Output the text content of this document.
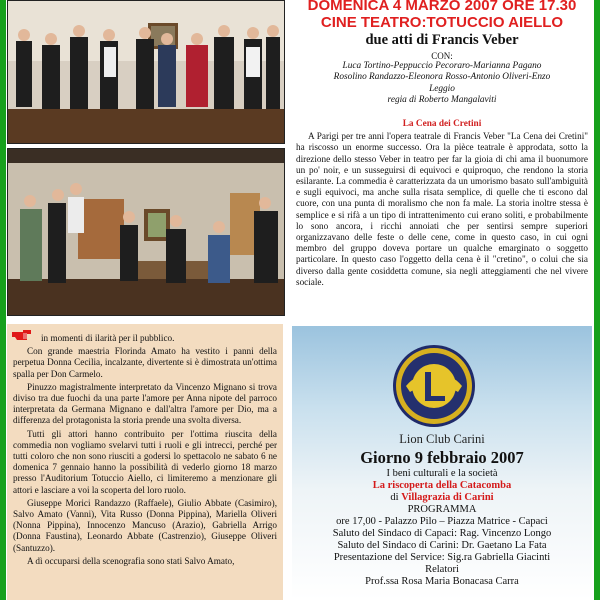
in momenti di ilarità per il pubblico.

Con grande maestria Florinda Amato ha vestito i panni della perpetua Donna Cecilia, incalzante, divertente si è dimostrata un'ottima spalla per Don Carmelo.

Pinuzzo magistralmente interpretato da Vincenzo Mignano si trova diviso tra due fuochi da una parte l'amore per Anna nipote del parroco interpretata da Germana Mignano e dall'altra l'amore per Dio, ma a differenza del protagonista la storia prende una svolta diversa.

Tutti gli attori hanno contribuito per l'ottima riuscita della commedia non vogliamo svelarvi tutti i ruoli e gli intrecci, perché per tutti coloro che non sono riusciti a godersi lo spettacolo ne sabato 6 ne domenica 7 gennaio hanno la possibilità di vederlo giorno 18 marzo presso l'Auditorium Totuccio Aiello, ci limiteremo a menzionare gli attori e lasciare a voi la scoperta del loro ruolo.

Giuseppe Morici Randazzo (Raffaele), Giulio Abbate (Casimiro), Salvo Amato (Vanni), Vita Russo (Donna Pippina), Mariella Oliveri (Nonna Pippina), Innocenzo Mancuso (Arazio), Gabriella Arrigo (Donna Faustina), Leonardo Abbate (Castrenzio), Giuseppe Oliveri (Santuzzo).

A dì occuparsi della scenografia sono stati Salvo Amato,

DOMENICA 4 MARZO 2007 ORE 17.30
CINE TEATRO:TOTUCCIO AIELLO
due atti di Francis Veber
CON:
Luca Tortino-Peppuccio Pecoraro-Marianna Pagano
Rosolino Randazzo-Eleonora Rosso-Antonio Oliveri-Enzo
Leggio
regia di Roberto Mangalaviti
La Cena dei Cretini

A Parigi per tre anni l'opera teatrale di Francis Veber "La Cena dei Cretini" ha riscosso un enorme successo. Ora la pièce teatrale è approdata, sotto la direzione dello stesso Veber in teatro per far la gioia di chi ama il buonumore un po' noir, e un susseguirsi di equivoci e quiproquo, che rendono la storia esilarante. La commedia è caratterizzata da un umorismo basato sull'ambiguità e sugli equivoci, ma anche sulla risata semplice, di quelle che ti escono dal cuore, con una punta di moralismo che non fa male. La storia inoltre stessa è semplice e si rifà a un tipo di intrattenimento cui erano soliti, e probabilmente lo sono ancora, i ricchi annoiati che per sentirsi sempre superiori organizzavano delle feste o delle cene, come in questo caso, in cui ogni membro del gruppo doveva portare un qualche emarginato o soggetto particolare. In questo caso l'oggetto della cena è il "cretino", o colui che sia diverso dalla gente cosiddetta comune, sia negli atteggiamenti che nel vivere sociale.

Lion Club Carini
Giorno 9 febbraio 2007
I beni culturali e la società
La riscoperta della Catacomba
di Villagrazia di Carini
PROGRAMMA
ore 17,00 - Palazzo Pilo – Piazza Matrice - Capaci
Saluto del Sindaco di Capaci: Rag. Vincenzo Longo
Saluto del Sindaco di Carini: Dr. Gaetano La Fata
Presentazione del Service: Sig.ra Gabriella Giacinti
Relatori
Prof.ssa Rosa Maria Bonacasa Carra
